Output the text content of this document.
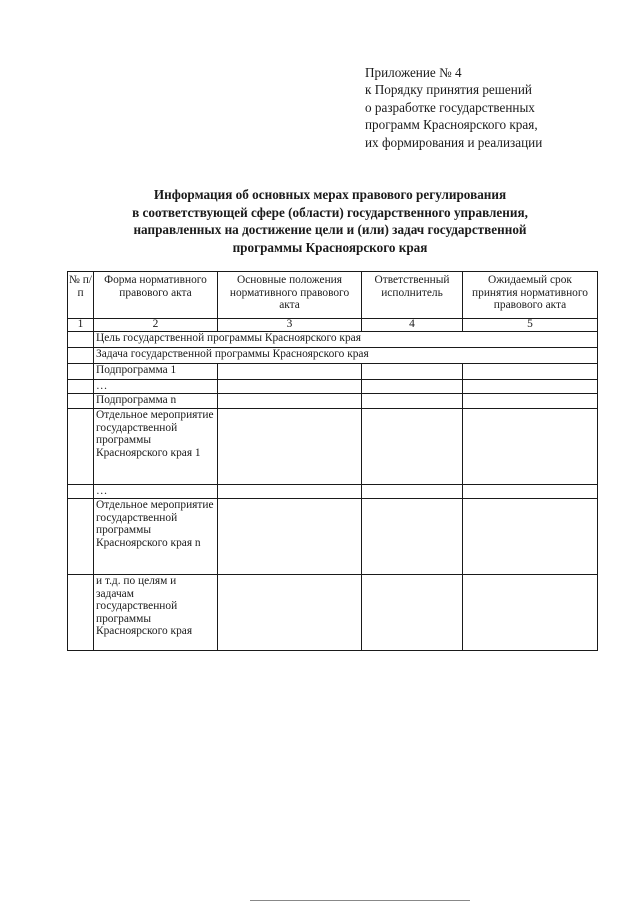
Приложение № 4
к Порядку принятия решений
о разработке государственных
программ Красноярского края,
их формирования и реализации
Информация об основных мерах правового регулирования
в соответствующей сфере (области) государственного управления,
направленных на достижение цели и (или) задач государственной
программы Красноярского края
№ п/п	Форма нормативного правового акта	Основные положения нормативного правового акта	Ответственный исполнитель	Ожидаемый срок принятия нормативного правового акта
1	2	3	4	5
	Цель государственной программы Красноярского края			
	Задача государственной программы Красноярского края			
	Подпрограмма 1			
	…			
	Подпрограмма n			
	Отдельное мероприятие государственной программы Красноярского края 1			
	…			
	Отдельное мероприятие государственной программы Красноярского края n			
	и т.д. по целям и задачам государственной программы Красноярского края			
